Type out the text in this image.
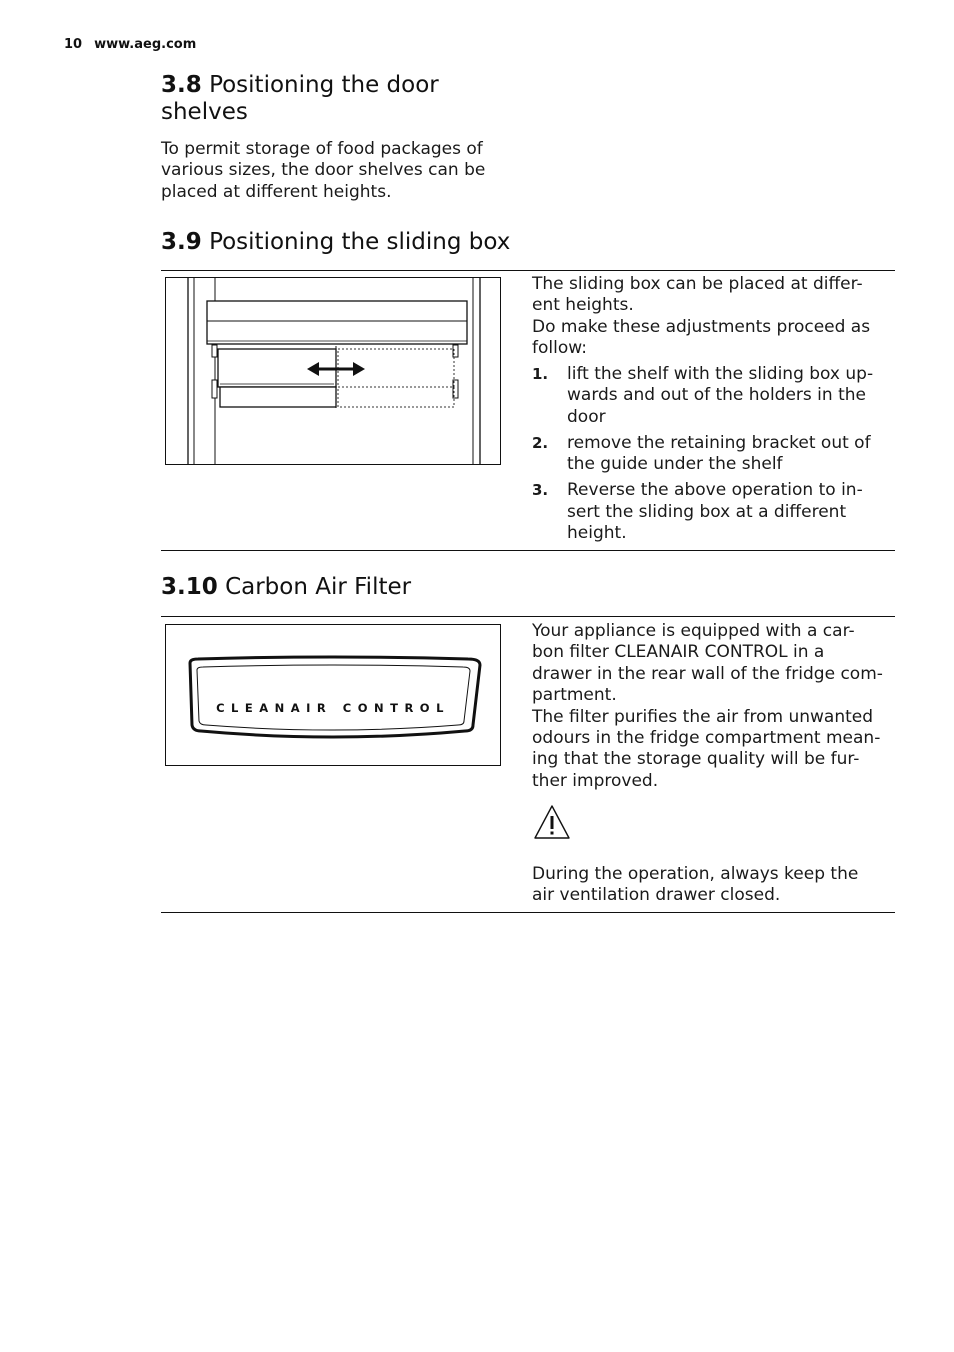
10 www.aeg.com
3.8 Positioning the door
shelves

To permit storage of food packages of
various sizes, the door shelves can be
placed at different heights.

3.9 Positioning the sliding box

The sliding box can be placed at differ-
ent heights.
Do make these adjustments proceed as
follow:

1. lift the shelf with the sliding box up-
wards and out of the holders in the
door
2. remove the retaining bracket out of
the guide under the shelf
3. Reverse the above operation to in-
sert the sliding box at a different
height.
3.10 Carbon Air Filter
CLEANAIR CONTROL

Your appliance is equipped with a car-
bon filter CLEANAIR CONTROL in a
drawer in the rear wall of the fridge com-
partment.
The filter purifies the air from unwanted
odours in the fridge compartment mean-
ing that the storage quality will be fur-
ther improved.

During the operation, always keep the
air ventilation drawer closed.
